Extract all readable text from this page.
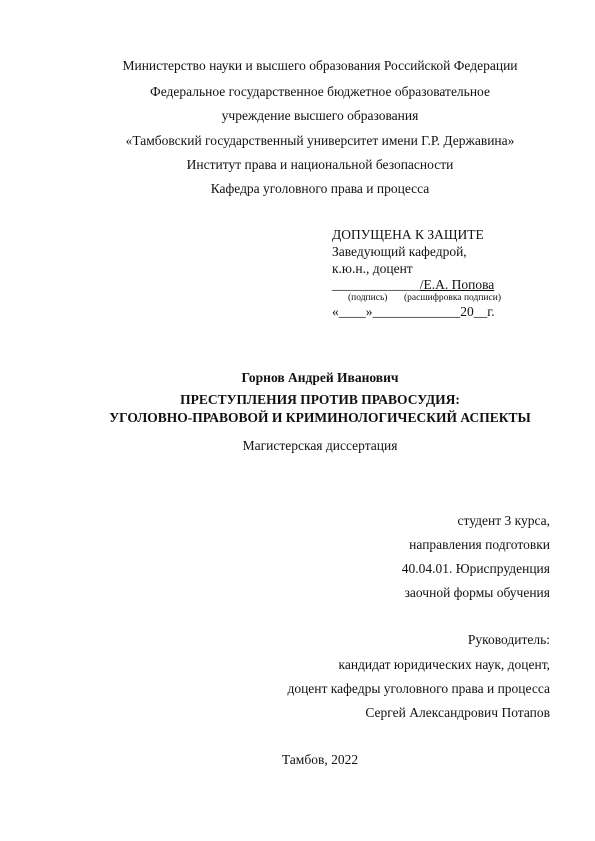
Министерство науки и высшего образования Российской Федерации
Федеральное государственное бюджетное образовательное
учреждение высшего образования
«Тамбовский государственный университет имени Г.Р. Державина»
Институт права и национальной безопасности
Кафедра уголовного права и процесса
ДОПУЩЕНА К ЗАЩИТЕ
Заведующий кафедрой,
к.ю.н., доцент
_____________/Е.А. Попова
(подпись) (расшифровка подписи)
«____»_____________20__г.
Горнов Андрей Иванович
ПРЕСТУПЛЕНИЯ ПРОТИВ ПРАВОСУДИЯ:
УГОЛОВНО-ПРАВОВОЙ И КРИМИНОЛОГИЧЕСКИЙ АСПЕКТЫ
Магистерская диссертация
студент 3 курса,
направления подготовки
40.04.01. Юриспруденция
заочной формы обучения
Руководитель:
кандидат юридических наук, доцент,
доцент кафедры уголовного права и процесса
Сергей Александрович Потапов
Тамбов, 2022
